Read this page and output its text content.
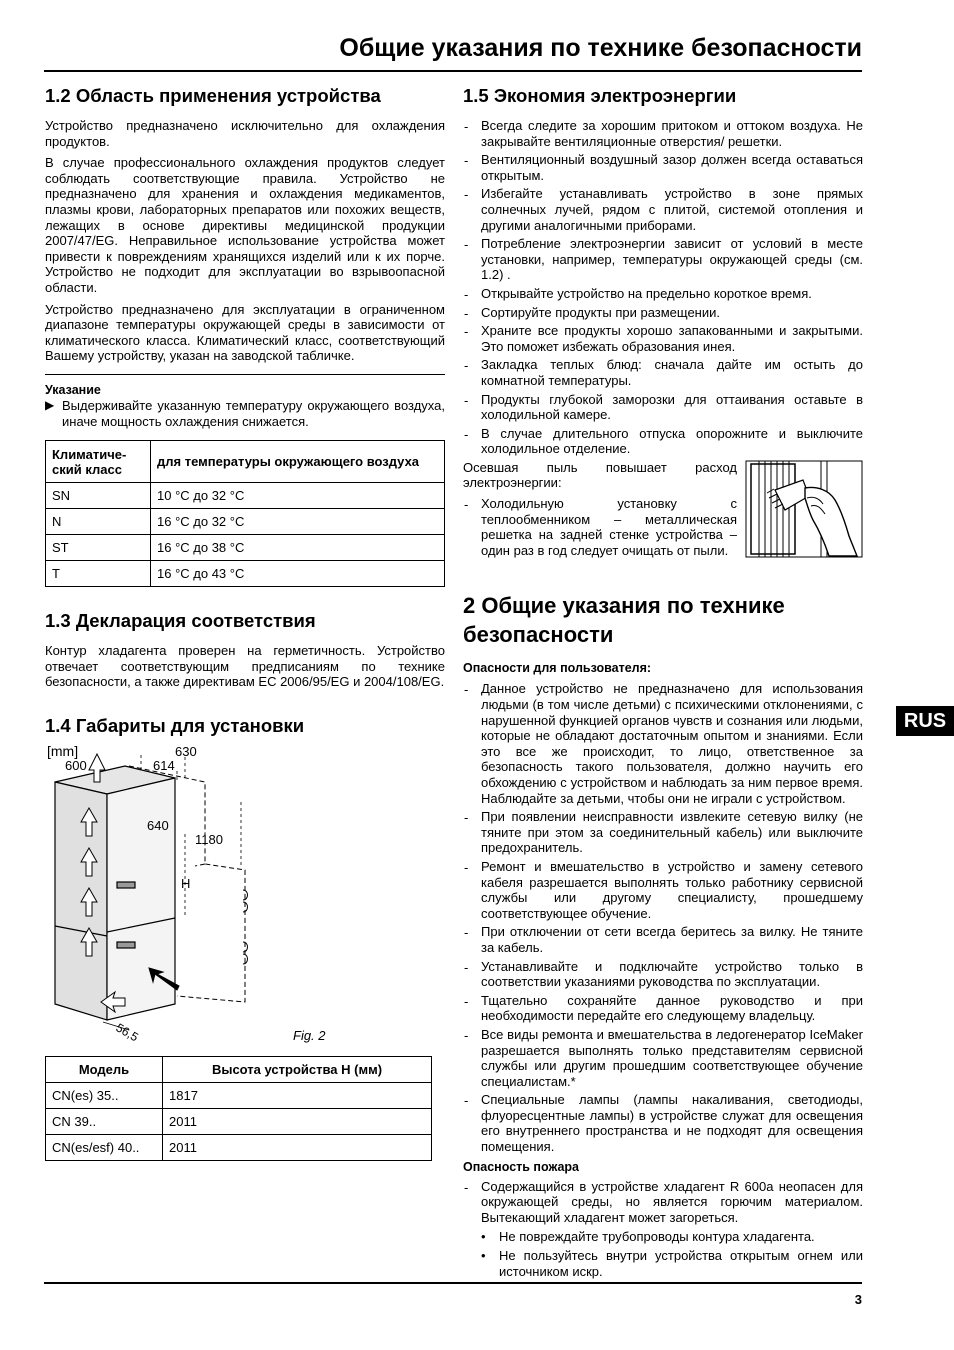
Общие указания по технике безопасности
RUS
1.2 Область применения устройства

Устройство предназначено исключительно для охлаждения продуктов.

В случае профессионального охлаждения продуктов следует соблюдать соответствующие правила. Устройство не предназначено для хранения и охлаждения медикаментов, плазмы крови, лабораторных препаратов или похожих веществ, лежащих в основе директивы медицинской продукции 2007/47/EG. Неправильное использование устройства может привести к повреждениям хранящихся изделий или к их порче. Устройство не подходит для эксплуатации во взрывоопасной области.

Устройство предназначено для эксплуатации в ограниченном диапазоне температуры окружающей среды в зависимости от климатического класса. Климатический класс, соответствующий Вашему устройству, указан на заводской табличке.

Указание

▶ Выдерживайте указанную температуру окружающего воздуха, иначе мощность охлаждения снижается.

Климатиче-ский класс	для температуры окружающего воздуха
SN	10 °C до 32 °C
N	16 °C до 32 °C
ST	16 °C до 38 °C
T	16 °C до 43 °C
1.3 Декларация соответствия

Контур хладагента проверен на герметичность. Устройство отвечает соответствующим предписаниям по технике безопасности, а также директивам EC 2006/95/EG и 2004/108/EG.

1.4 Габариты для установки
[mm]
600
630
614
640
1180
H
56,5	Fig. 2
Модель	Высота устройства H (мм)
CN(es) 35..	1817
CN 39..	2011
CN(es/esf) 40..	2011
1.5 Экономия электроэнергии
- Всегда следите за хорошим притоком и оттоком воздуха. Не закрывайте вентиляционные отверстия/ решетки.
- Вентиляционный воздушный зазор должен всегда оставаться открытым.
- Избегайте устанавливать устройство в зоне прямых солнечных лучей, рядом с плитой, системой отопления и другими аналогичными приборами.
- Потребление электроэнергии зависит от условий в месте установки, например, температуры окружающей среды (см. 1.2) .
- Открывайте устройство на предельно короткое время.
- Сортируйте продукты при размещении.
- Храните все продукты хорошо запакованными и закрытыми. Это поможет избежать образования инея.
- Закладка теплых блюд: сначала дайте им остыть до комнатной температуры.
- Продукты глубокой заморозки для оттаивания оставьте в холодильной камере.
- В случае длительного отпуска опорожните и выключите холодильное отделение.

Осевшая пыль повышает расход электроэнергии:

- Холодильную установку с теплообменником – металлическая решетка на задней стенке устройства – один раз в год следует очищать от пыли.
2 Общие указания по технике безопасности

Опасности для пользователя:

- Данное устройство не предназначено для использования людьми (в том числе детьми) с психическими отклонениями, с нарушенной функцией органов чувств и сознания или людьми, которые не обладают достаточным опытом и знаниями. Если это все же происходит, то лицо, ответственное за безопасность такого пользователя, должно научить его обхождению с устройством и наблюдать за ним первое время. Наблюдайте за детьми, чтобы они не играли с устройством.
- При появлении неисправности извлеките сетевую вилку (не тяните при этом за соединительный кабель) или выключите предохранитель.
- Ремонт и вмешательство в устройство и замену сетевого кабеля разрешается выполнять только работнику сервисной службы или другому специалисту, прошедшему соответствующее обучение.
- При отключении от сети всегда беритесь за вилку. Не тяните за кабель.
- Устанавливайте и подключайте устройство только в соответствии указаниями руководства по эксплуатации.
- Тщательно сохраняйте данное руководство и при необходимости передайте его следующему владельцу.
- Все виды ремонта и вмешательства в ледогенератор IceMaker разрешается выполнять только представителям сервисной службы или другим прошедшим соответствующее обучение специалистам.*
- Специальные лампы (лампы накаливания, светодиоды, флуоресцентные лампы) в устройстве служат для освещения его внутреннего пространства и не подходят для освещения помещения.

Опасность пожара

- Содержащийся в устройстве хладагент R 600a неопасен для окружающей среды, но является горючим материалом. Вытекающий хладагент может загореться.
• Не повреждайте трубопроводы контура хладагента.
• Не пользуйтесь внутри устройства открытым огнем или источником искр.
3
